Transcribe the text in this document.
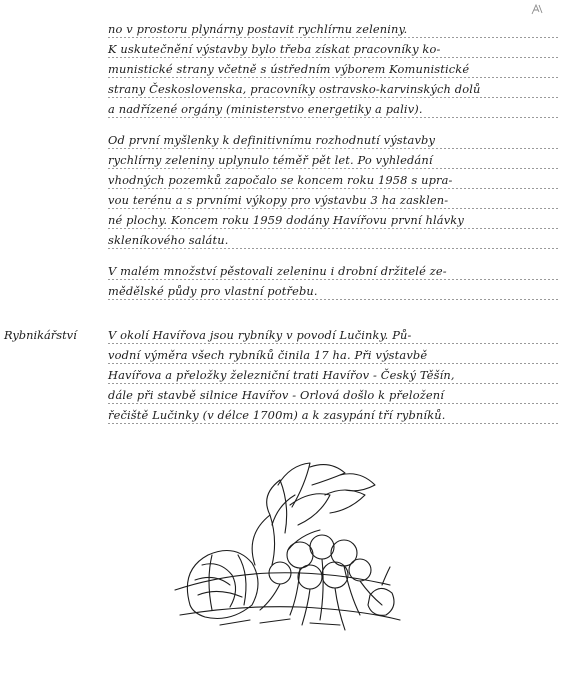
no v prostoru plynárny postavit rychlírnu zeleniny.
K uskutečnění výstavby bylo třeba získat pracovníky ko-
munistické strany včetně s ústředním výborem Komunistické
strany Československa, pracovníky ostravsko-karvinských dolů
a nadřízené orgány (ministerstvo energetiky a paliv).
Od první myšlenky k definitivnímu rozhodnutí výstavby
rychlírny zeleniny uplynulo téměř pět let. Po vyhledání
vhodných pozemků započalo se koncem roku 1958 s upra-
vou terénu a s prvními výkopy pro výstavbu 3 ha zasklen-
né plochy. Koncem roku 1959 dodány Havířovu první hlávky
skleníkového salátu.
V malém množství pěstovali zeleninu i drobní držitelé ze-
mědělské půdy pro vlastní potřebu.
Rybnikářství	V okolí Havířova jsou rybníky v povodí Lučinky. Pů-
vodní výměra všech rybníků činila 17 ha. Při výstavbě
Havířova a přeložky železniční trati Havířov - Český Těšín,
dále při stavbě silnice Havířov - Orlová došlo k přeložení
řečiště Lučinky (v délce 1700m) a k zasypání tří rybníků.
